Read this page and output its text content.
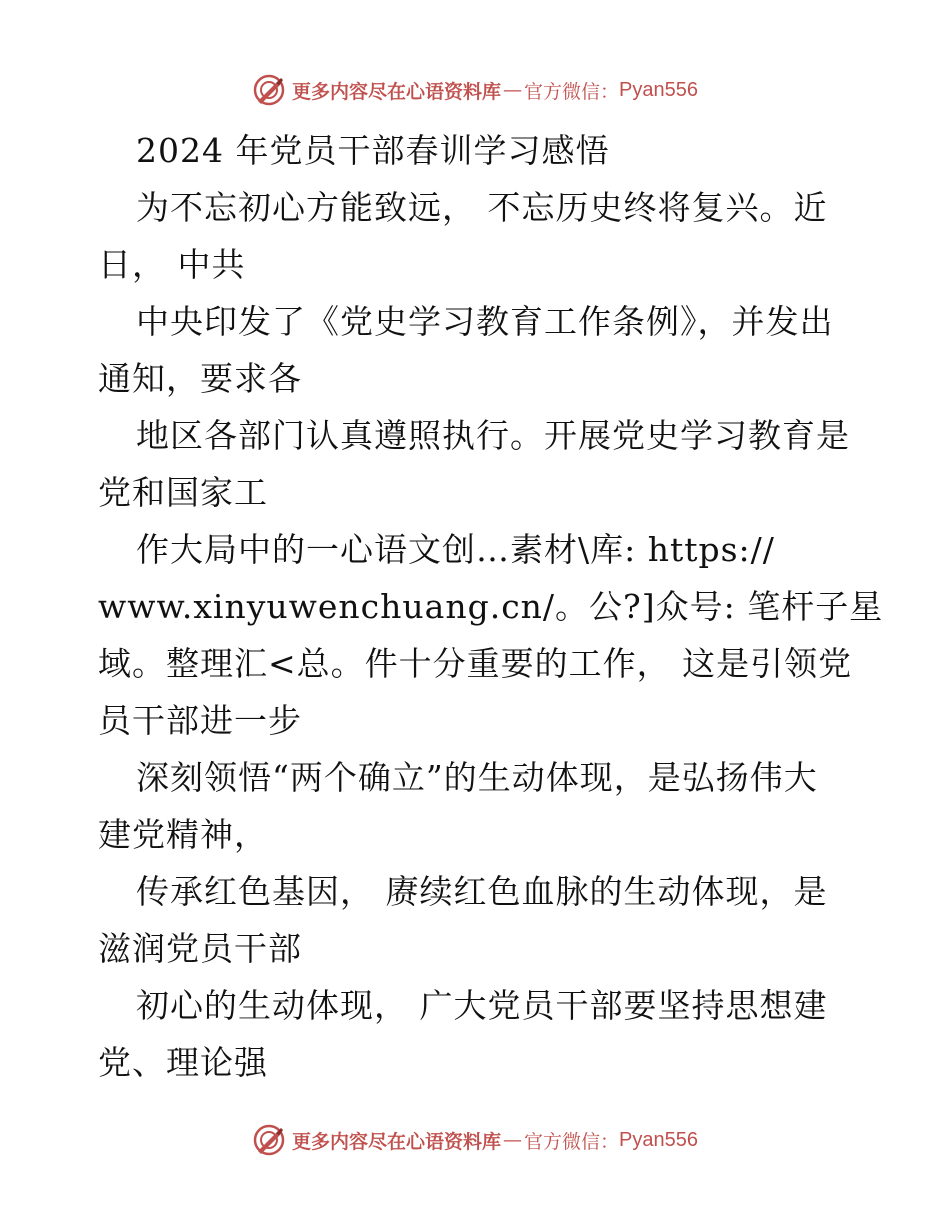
更多内容尽在心语资料库 — 官方微信： Pyan556
2024 年党员干部春训学习感悟
为不忘初心方能致远， 不忘历史终将复兴。近
日， 中共
中央印发了《党史学习教育工作条例》，并发出
通知，要求各
地区各部门认真遵照执行。开展党史学习教育是
党和国家工
作大局中的一心语文创…素材\库: https://
www.xinyuwenchuang.cn/。公?]众号: 笔杆子星
域。整理汇<总。件十分重要的工作， 这是引领党
员干部进一步
深刻领悟“两个确立”的生动体现，是弘扬伟大
建党精神，
传承红色基因， 赓续红色血脉的生动体现，是
滋润党员干部
初心的生动体现， 广大党员干部要坚持思想建
党、理论强
更多内容尽在心语资料库 — 官方微信： Pyan556
